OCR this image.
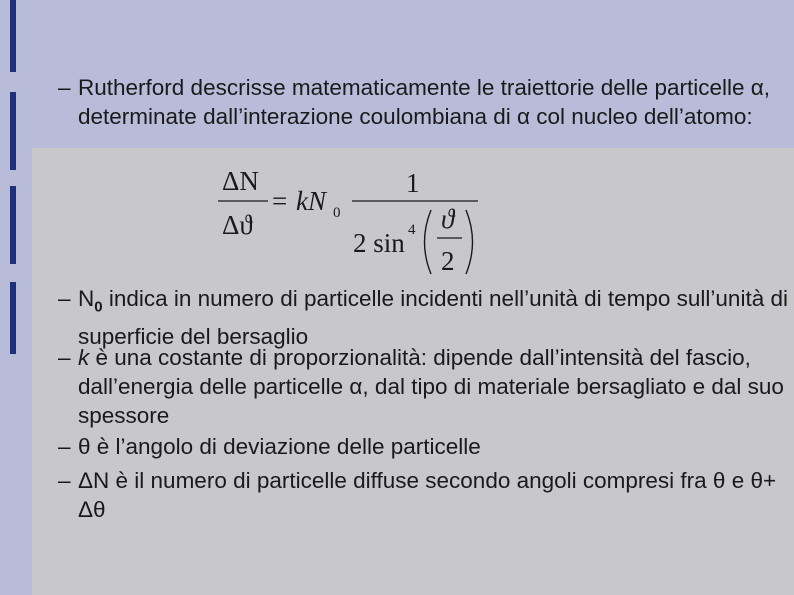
– Rutherford descrisse matematicamente le traiettorie delle particelle α, determinate dall’interazione coulombiana di α col nucleo dell’atomo:

ΔN
Δϑ
= kN 0
1
2 sin 4 ϑ
2

– $N_0$ indica in numero di particelle incidenti nell’unità di tempo sull’unità di superficie del bersaglio

– k è una costante di proporzionalità: dipende dall’intensità del fascio, dall’energia delle particelle α, dal tipo di materiale bersagliato e dal suo spessore

– θ è l’angolo di deviazione delle particelle

– ΔN è il numero di particelle diffuse secondo angoli compresi fra θ e θ+ Δθ
